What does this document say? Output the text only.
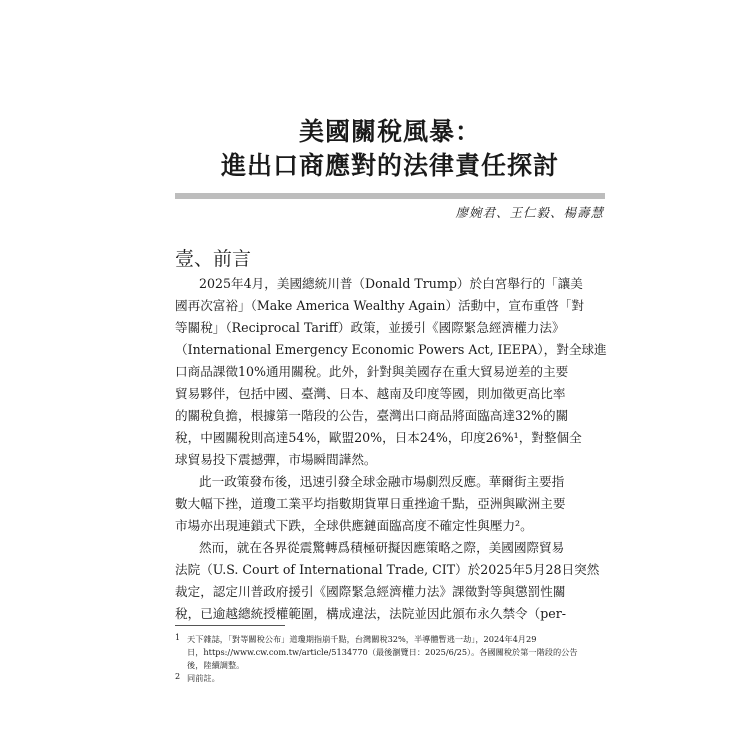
美國關稅風暴：
進出口商應對的法律責任探討
廖婉君、王仁毅、楊壽慧
壹、前言
2025年4月，美國總統川普（Donald Trump）於白宮舉行的「讓美
國再次富裕」（Make America Wealthy Again）活動中，宣布重啓「對
等關稅」（Reciprocal Tariff）政策，並援引《國際緊急經濟權力法》
（International Emergency Economic Powers Act, IEEPA），對全球進
口商品課徵10%通用關稅。此外，針對與美國存在重大貿易逆差的主要
貿易夥伴，包括中國、臺灣、日本、越南及印度等國，則加徵更高比率
的關稅負擔，根據第一階段的公告，臺灣出口商品將面臨高達32%的關
稅，中國關稅則高達54%，歐盟20%，日本24%，印度26%¹，對整個全
球貿易投下震撼彈，市場瞬間譁然。
此一政策發布後，迅速引發全球金融市場劇烈反應。華爾街主要指
數大幅下挫，道瓊工業平均指數期貨單日重挫逾千點，亞洲與歐洲主要
市場亦出現連鎖式下跌，全球供應鏈面臨高度不確定性與壓力²。
然而，就在各界從震驚轉爲積極研擬因應策略之際，美國國際貿易
法院（U.S. Court of International Trade, CIT）於2025年5月28日突然
裁定，認定川普政府援引《國際緊急經濟權力法》課徵對等與懲罰性關
稅，已逾越總統授權範圍，構成違法，法院並因此頒布永久禁令（per-
1 天下雜誌，「對等關稅公布」道瓊期指崩千點，台灣關稅32%，半導體暫逃一劫」，2024年4月29
日，https://www.cw.com.tw/article/5134770（最後瀏覽日：2025/6/25）。各國關稅於第一階段的公告
後，陸續調整。
2 同前註。
